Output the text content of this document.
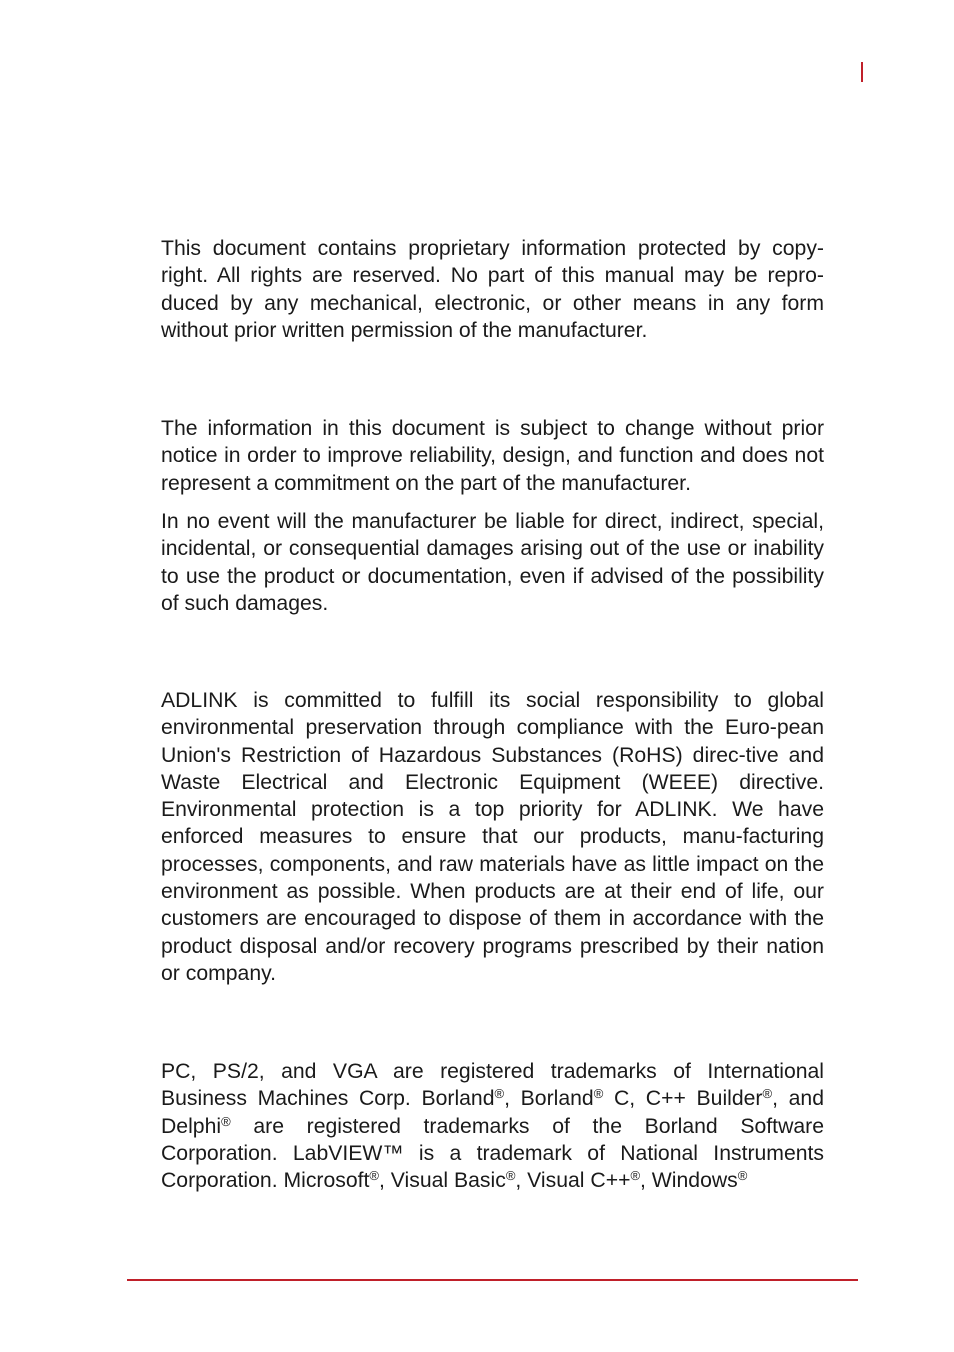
This document contains proprietary information protected by copy-right. All rights are reserved. No part of this manual may be repro-duced by any mechanical, electronic, or other means in any form without prior written permission of the manufacturer.

The information in this document is subject to change without prior notice in order to improve reliability, design, and function and does not represent a commitment on the part of the manufacturer.

In no event will the manufacturer be liable for direct, indirect, special, incidental, or consequential damages arising out of the use or inability to use the product or documentation, even if advised of the possibility of such damages.

ADLINK is committed to fulfill its social responsibility to global environmental preservation through compliance with the Euro-pean Union's Restriction of Hazardous Substances (RoHS) direc-tive and Waste Electrical and Electronic Equipment (WEEE) directive. Environmental protection is a top priority for ADLINK. We have enforced measures to ensure that our products, manu-facturing processes, components, and raw materials have as little impact on the environment as possible. When products are at their end of life, our customers are encouraged to dispose of them in accordance with the product disposal and/or recovery programs prescribed by their nation or company.

PC, PS/2, and VGA are registered trademarks of International Business Machines Corp. Borland®, Borland® C, C++ Builder®, and Delphi® are registered trademarks of the Borland Software Corporation. LabVIEW™ is a trademark of National Instruments Corporation. Microsoft®, Visual Basic®, Visual C++®, Windows®
